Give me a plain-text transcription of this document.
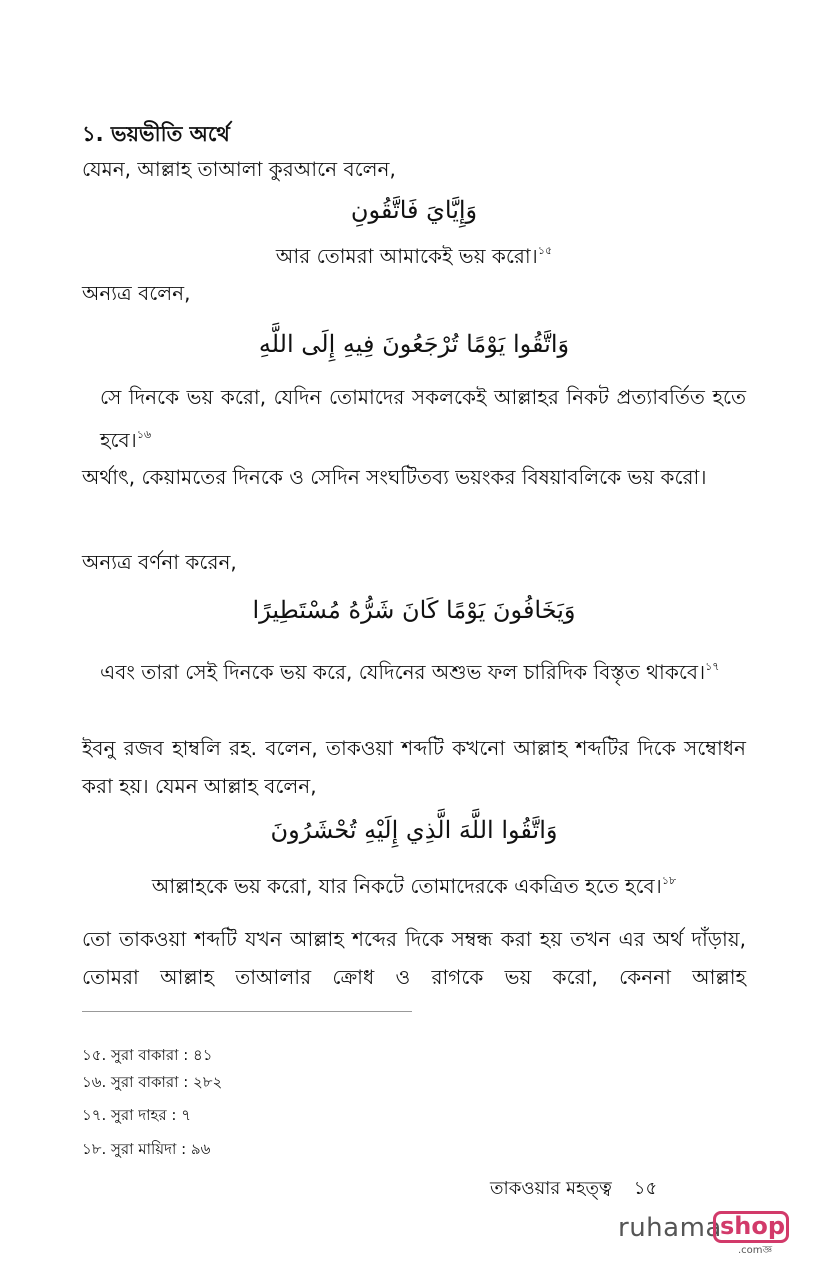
১. ভয়ভীতি অর্থে
যেমন, আল্লাহ তাআলা কুরআনে বলেন,
وَإِيَّايَ فَاتَّقُونِ
আর তোমরা আমাকেই ভয় করো।$^{১৫}$
অন্যত্র বলেন,
وَاتَّقُوا يَوْمًا تُرْجَعُونَ فِيهِ إِلَى اللَّهِ
সে দিনকে ভয় করো, যেদিন তোমাদের সকলকেই আল্লাহর নিকট প্রত্যাবর্তিত হতে হবে।$^{১৬}$
অর্থাৎ, কেয়ামতের দিনকে ও সেদিন সংঘটিতব্য ভয়ংকর বিষয়াবলিকে ভয় করো।
অন্যত্র বর্ণনা করেন,
وَيَخَافُونَ يَوْمًا كَانَ شَرُّهُ مُسْتَطِيرًا
এবং তারা সেই দিনকে ভয় করে, যেদিনের অশুভ ফল চারিদিক বিস্তৃত থাকবে।$^{১৭}$
ইবনু রজব হাম্বলি রহ. বলেন, তাকওয়া শব্দটি কখনো আল্লাহ শব্দটির দিকে সম্বোধন করা হয়। যেমন আল্লাহ বলেন,
وَاتَّقُوا اللَّهَ الَّذِي إِلَيْهِ تُحْشَرُونَ
আল্লাহকে ভয় করো, যার নিকটে তোমাদেরকে একত্রিত হতে হবে।$^{১৮}$
তো তাকওয়া শব্দটি যখন আল্লাহ শব্দের দিকে সম্বন্ধ করা হয় তখন এর অর্থ দাঁড়ায়, তোমরা আল্লাহ তাআলার ক্রোধ ও রাগকে ভয় করো, কেননা আল্লাহ
১৫. সুরা বাকারা : ৪১
১৬. সুরা বাকারা : ২৮২
১৭. সুরা দাহর : ৭
১৮. সুরা মায়িদা : ৯৬
তাকওয়ার মহত্ত্ব ১৫
ruhama
shop
.comজ্ঞ
